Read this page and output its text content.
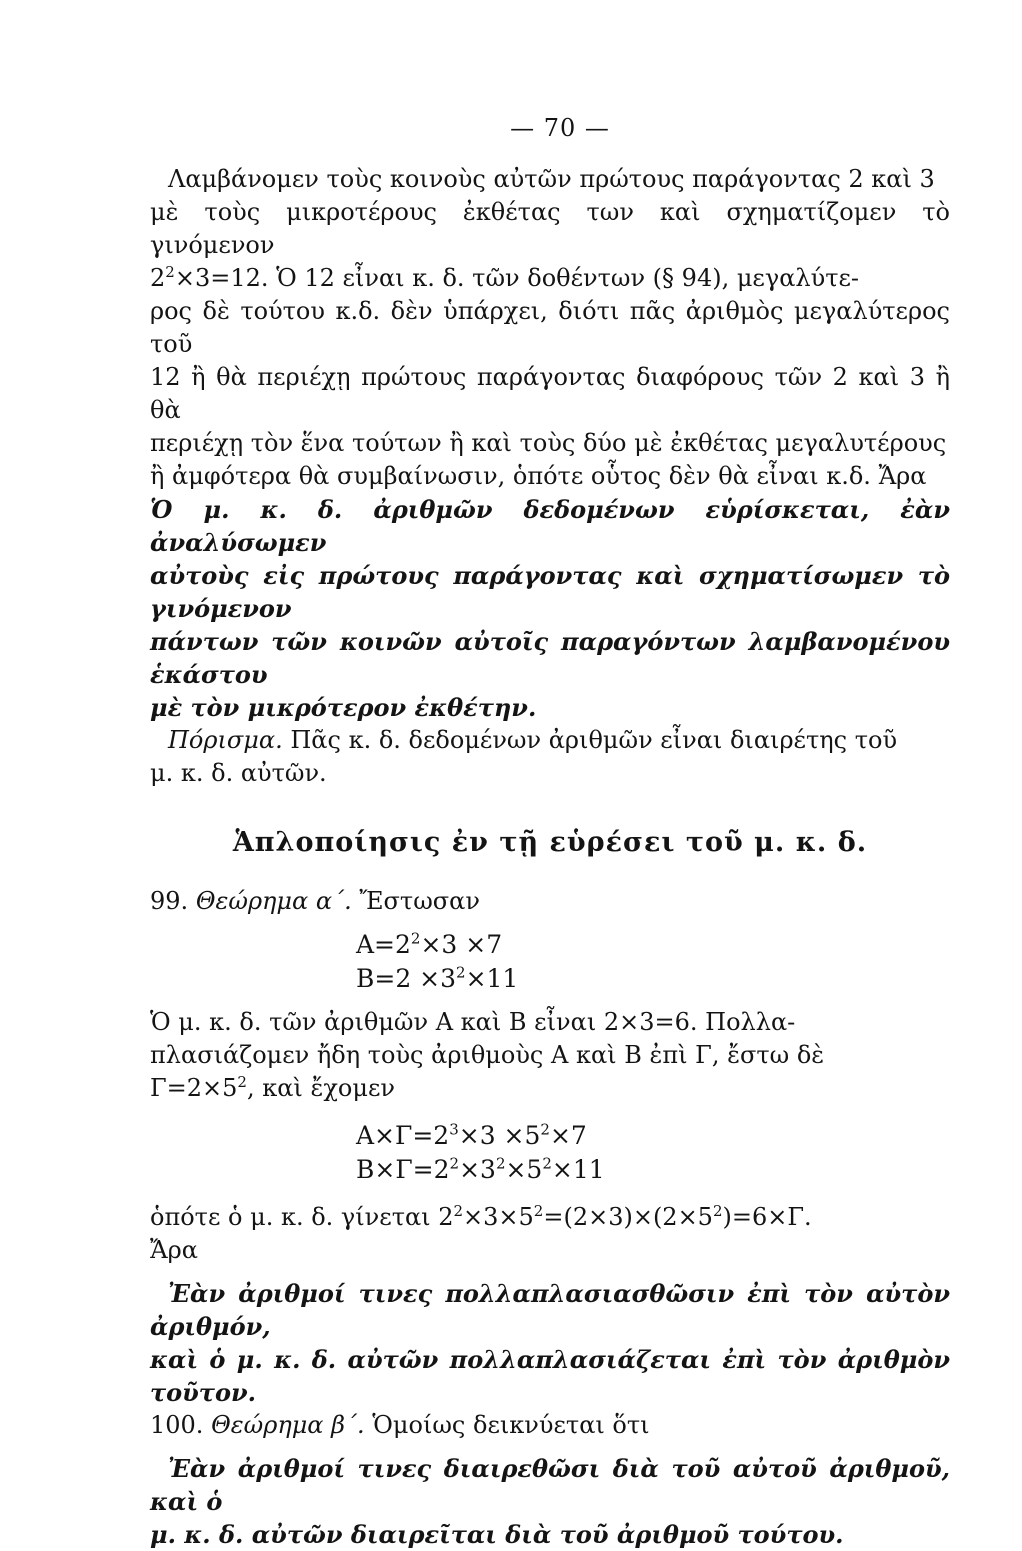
— 70 —

Λαμβάνομεν τοὺς κοινοὺς αὐτῶν πρώτους παράγοντας 2 καὶ 3

μὲ τοὺς μικροτέρους ἐκθέτας των καὶ σχηματίζομεν τὸ γινόμενον

$2^2\times 3=12$. Ὁ 12 εἶναι κ. δ. τῶν δοθέντων (§ 94), μεγαλύτε-

ρος δὲ τούτου κ.δ. δὲν ὑπάρχει, διότι πᾶς ἀριθμὸς μεγαλύτερος τοῦ

12 ἢ θὰ περιέχῃ πρώτους παράγοντας διαφόρους τῶν 2 καὶ 3 ἢ θὰ

περιέχῃ τὸν ἕνα τούτων ἢ καὶ τοὺς δύο μὲ ἐκθέτας μεγαλυτέρους

ἢ ἀμφότερα θὰ συμβαίνωσιν, ὁπότε οὗτος δὲν θὰ εἶναι κ.δ. Ἄρα

Ὁ μ. κ. δ. ἀριθμῶν δεδομένων εὑρίσκεται, ἐὰν ἀναλύσωμεν

αὐτοὺς εἰς πρώτους παράγοντας καὶ σχηματίσωμεν τὸ γινόμενον

πάντων τῶν κοινῶν αὐτοῖς παραγόντων λαμβανομένου ἑκάστου

μὲ τὸν μικρότερον ἐκθέτην.

Πόρισμα. Πᾶς κ. δ. δεδομένων ἀριθμῶν εἶναι διαιρέτης τοῦ

μ. κ. δ. αὐτῶν.

Ἁπλοποίησις ἐν τῇ εὑρέσει τοῦ μ. κ. δ.

99. Θεώρημα α΄. Ἔστωσαν

$A=2^2\times 3 \times 7$
$B=2 \times 3^2\times 11$

Ὁ μ. κ. δ. τῶν ἀριθμῶν A καὶ B εἶναι 2×3=6. Πολλα-

πλασιάζομεν ἤδη τοὺς ἀριθμοὺς A καὶ B ἐπὶ Γ, ἔστω δὲ

$\Gamma=2\times 5^2$, καὶ ἔχομεν

$A\times\Gamma=2^3\times 3 \times 5^2\times 7$
$B\times\Gamma=2^2\times 3^2\times 5^2\times 11$

ὁπότε ὁ μ. κ. δ. γίνεται $2^2\times 3\times 5^2=(2\times 3)\times(2\times 5^2)=6\times\Gamma$.

Ἄρα

Ἐὰν ἀριθμοί τινες πολλαπλασιασθῶσιν ἐπὶ τὸν αὐτὸν ἀριθμόν,

καὶ ὁ μ. κ. δ. αὐτῶν πολλαπλασιάζεται ἐπὶ τὸν ἀριθμὸν τοῦτον.

100. Θεώρημα β΄. Ὁμοίως δεικνύεται ὅτι

Ἐὰν ἀριθμοί τινες διαιρεθῶσι διὰ τοῦ αὐτοῦ ἀριθμοῦ, καὶ ὁ

μ. κ. δ. αὐτῶν διαιρεῖται διὰ τοῦ ἀριθμοῦ τούτου.
